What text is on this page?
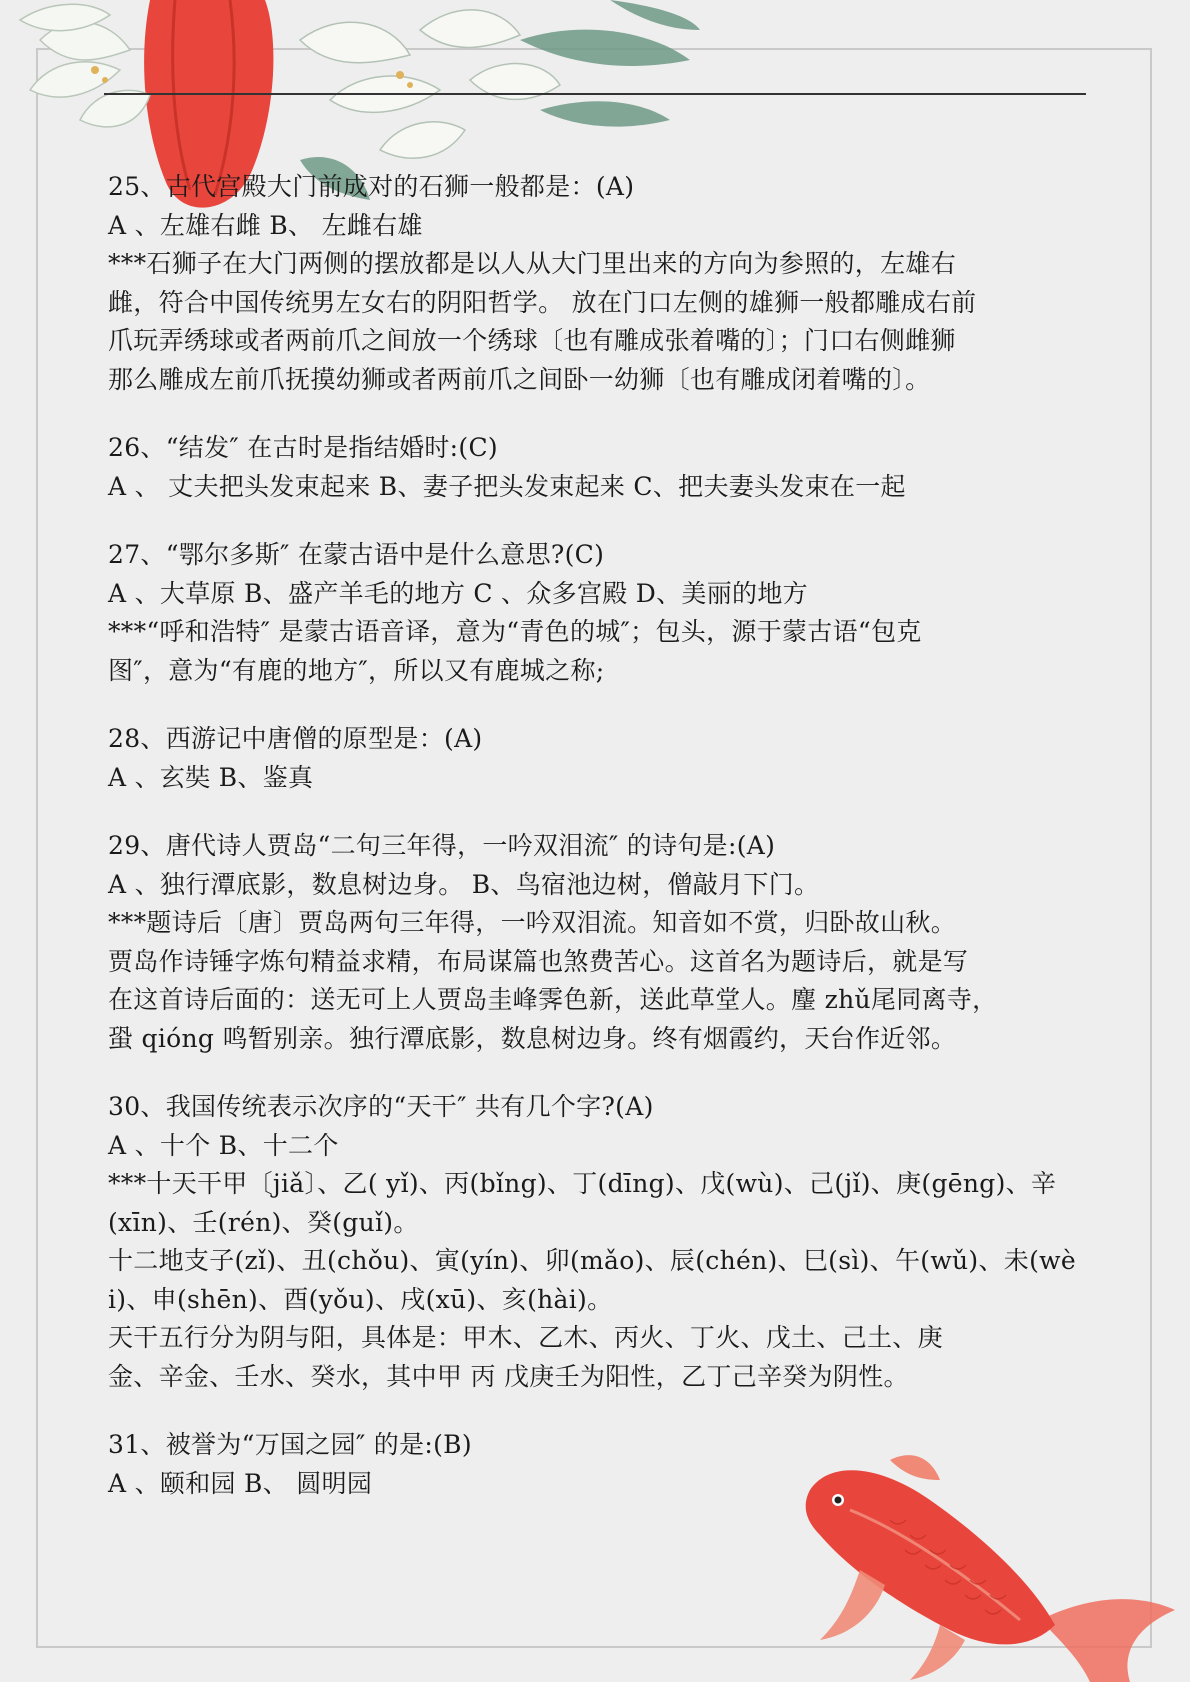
25、古代宫殿大门前成对的石狮一般都是：(A)
A 、左雄右雌 B、 左雌右雄
***石狮子在大门两侧的摆放都是以人从大门里出来的方向为参照的，左雄右
雌，符合中国传统男左女右的阴阳哲学。 放在门口左侧的雄狮一般都雕成右前
爪玩弄绣球或者两前爪之间放一个绣球〔也有雕成张着嘴的〕；门口右侧雌狮
那么雕成左前爪抚摸幼狮或者两前爪之间卧一幼狮〔也有雕成闭着嘴的〕。
26、“结发″ 在古时是指结婚时:(C)
A 、 丈夫把头发束起来 B、妻子把头发束起来 C、把夫妻头发束在一起
27、“鄂尔多斯″ 在蒙古语中是什么意思?(C)
A 、大草原 B、盛产羊毛的地方 C 、众多宫殿 D、美丽的地方
***“呼和浩特″ 是蒙古语音译，意为“青色的城″；包头，源于蒙古语“包克
图″，意为“有鹿的地方″，所以又有鹿城之称;
28、西游记中唐僧的原型是：(A)
A 、玄奘 B、鉴真
29、唐代诗人贾岛“二句三年得，一吟双泪流″ 的诗句是:(A)
A 、独行潭底影，数息树边身。 B、鸟宿池边树，僧敲月下门。
***题诗后〔唐〕贾岛两句三年得，一吟双泪流。知音如不赏，归卧故山秋。
贾岛作诗锤字炼句精益求精，布局谋篇也煞费苦心。这首名为题诗后，就是写
在这首诗后面的：送无可上人贾岛圭峰霁色新，送此草堂人。麈 zhǔ尾同离寺，
蛩 qióng 鸣暂别亲。独行潭底影，数息树边身。终有烟霞约，天台作近邻。
30、我国传统表示次序的“天干″ 共有几个字?(A)
A 、十个 B、十二个
***十天干甲〔jiǎ〕、乙( yǐ)、丙(bǐng)、丁(dīng)、戊(wù)、己(jǐ)、庚(gēng)、辛
(xīn)、壬(rén)、癸(guǐ)。
十二地支子(zǐ)、丑(chǒu)、寅(yín)、卯(mǎo)、辰(chén)、巳(sì)、午(wǔ)、未(wè
i)、申(shēn)、酉(yǒu)、戌(xū)、亥(hài)。
天干五行分为阴与阳，具体是：甲木、乙木、丙火、丁火、戊土、己土、庚
金、辛金、壬水、癸水，其中甲 丙 戊庚壬为阳性，乙丁己辛癸为阴性。
31、被誉为“万国之园″ 的是:(B)
A 、颐和园 B、 圆明园
